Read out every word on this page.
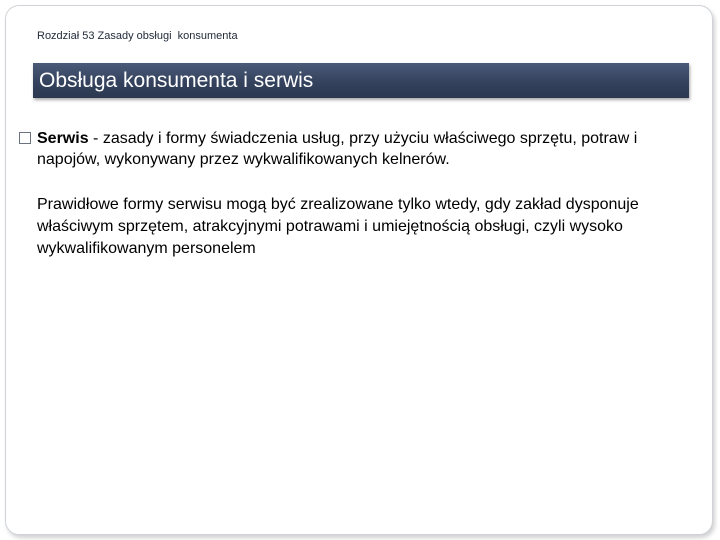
Rozdział 53 Zasady obsługi  konsumenta
Obsługa konsumenta i serwis
Serwis - zasady i formy świadczenia usług, przy użyciu właściwego sprzętu, potraw i napojów, wykonywany przez wykwalifikowanych kelnerów.
Prawidłowe formy serwisu mogą być zrealizowane tylko wtedy, gdy zakład dysponuje właściwym sprzętem, atrakcyjnymi potrawami i umiejętnością obsługi, czyli wysoko wykwalifikowanym personelem
